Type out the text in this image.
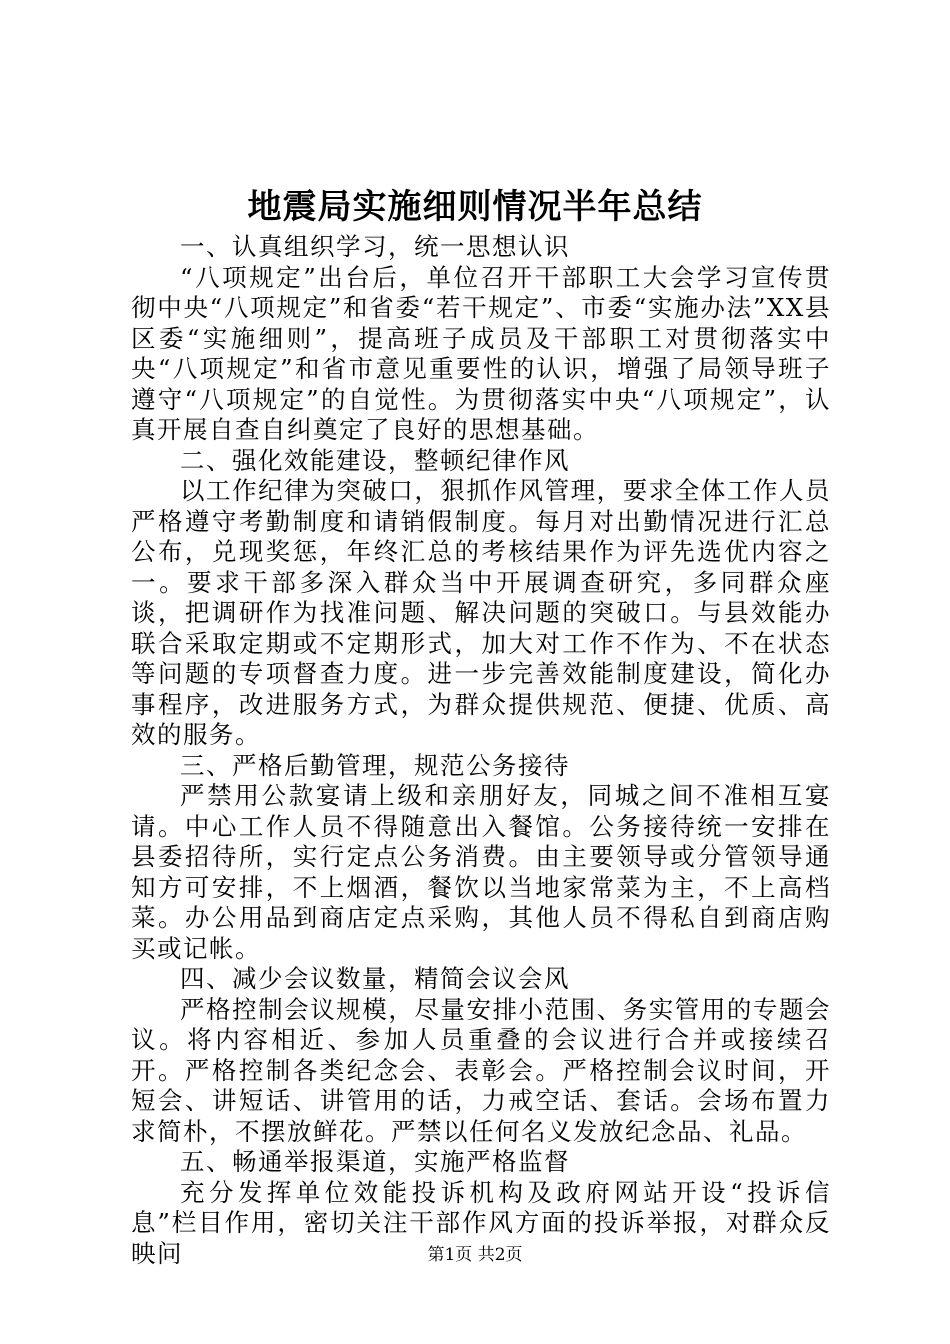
地震局实施细则情况半年总结

一、认真组织学习，统一思想认识

“八项规定”出台后，单位召开干部职工大会学习宣传贯彻中央“八项规定”和省委“若干规定”、市委“实施办法”XX县区委“实施细则”，提高班子成员及干部职工对贯彻落实中央“八项规定”和省市意见重要性的认识，增强了局领导班子遵守“八项规定”的自觉性。为贯彻落实中央“八项规定”，认真开展自查自纠奠定了良好的思想基础。

二、强化效能建设，整顿纪律作风

以工作纪律为突破口，狠抓作风管理，要求全体工作人员严格遵守考勤制度和请销假制度。每月对出勤情况进行汇总公布，兑现奖惩，年终汇总的考核结果作为评先选优内容之一。要求干部多深入群众当中开展调查研究，多同群众座谈，把调研作为找准问题、解决问题的突破口。与县效能办联合采取定期或不定期形式，加大对工作不作为、不在状态等问题的专项督查力度。进一步完善效能制度建设，简化办事程序，改进服务方式，为群众提供规范、便捷、优质、高效的服务。

三、严格后勤管理，规范公务接待

严禁用公款宴请上级和亲朋好友，同城之间不准相互宴请。中心工作人员不得随意出入餐馆。公务接待统一安排在县委招待所，实行定点公务消费。由主要领导或分管领导通知方可安排，不上烟酒，餐饮以当地家常菜为主，不上高档菜。办公用品到商店定点采购，其他人员不得私自到商店购买或记帐。

四、减少会议数量，精简会议会风

严格控制会议规模，尽量安排小范围、务实管用的专题会议。将内容相近、参加人员重叠的会议进行合并或接续召开。严格控制各类纪念会、表彰会。严格控制会议时间，开短会、讲短话、讲管用的话，力戒空话、套话。会场布置力求简朴，不摆放鲜花。严禁以任何名义发放纪念品、礼品。

五、畅通举报渠道，实施严格监督

充分发挥单位效能投诉机构及政府网站开设“投诉信息”栏目作用，密切关注干部作风方面的投诉举报，对群众反映问	第1页 共2页
